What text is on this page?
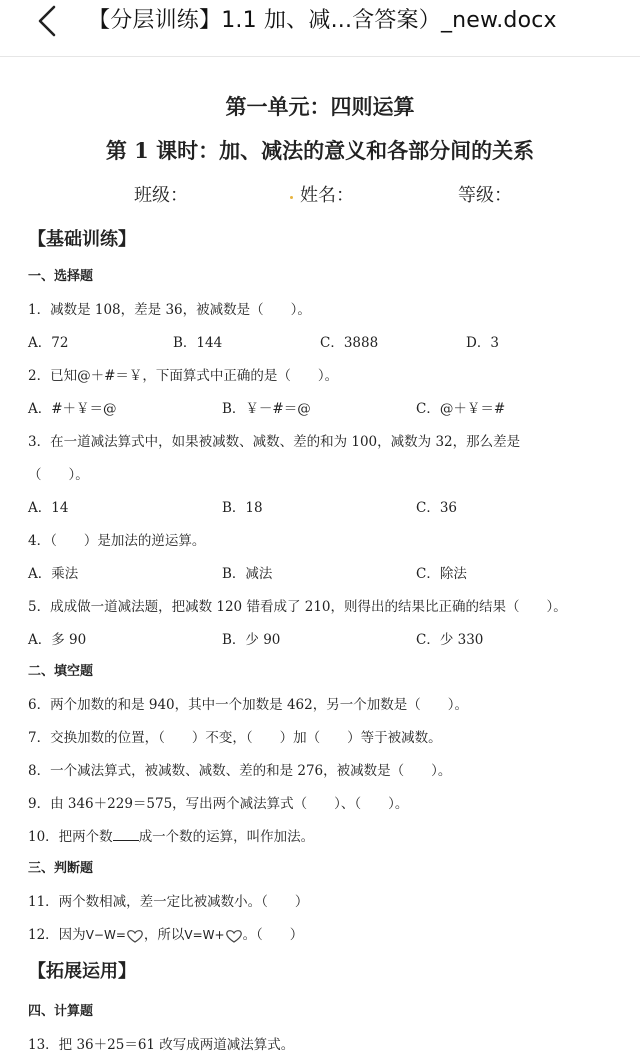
【分层训练】1.1 加、减...含答案）_new.docx
第一单元：四则运算
第 1 课时：加、减法的意义和各部分间的关系
班级：	姓名：	等级：
【基础训练】
一、选择题
1．减数是 108，差是 36，被减数是（　　）。
A．72	B．144	C．3888	D．3
2．已知@＋#＝￥，下面算式中正确的是（　　）。
A．#＋￥＝@	B．￥－#＝@	C．@＋￥＝#
3．在一道减法算式中，如果被减数、减数、差的和为 100，减数为 32，那么差是
（　　）。
A．14	B．18	C．36
4．（　　）是加法的逆运算。
A．乘法	B．减法	C．除法
5．成成做一道减法题，把减数 120 错看成了 210，则得出的结果比正确的结果（　　）。
A．多 90	B．少 90	C．少 330
二、填空题
6．两个加数的和是 940，其中一个加数是 462，另一个加数是（　　）。
7．交换加数的位置，（　　）不变，（　　）加（　　）等于被减数。
8．一个减法算式，被减数、减数、差的和是 276，被减数是（　　）。
9．由 346＋229＝575，写出两个减法算式（　　）、（　　）。
10．把两个数 成一个数的运算，叫作加法。
三、判断题
11．两个数相减，差一定比被减数小。（　　）
12．因为V−W= ，所以V=W+ 。（　　）
【拓展运用】
四、计算题
13．把 36＋25＝61 改写成两道减法算式。
